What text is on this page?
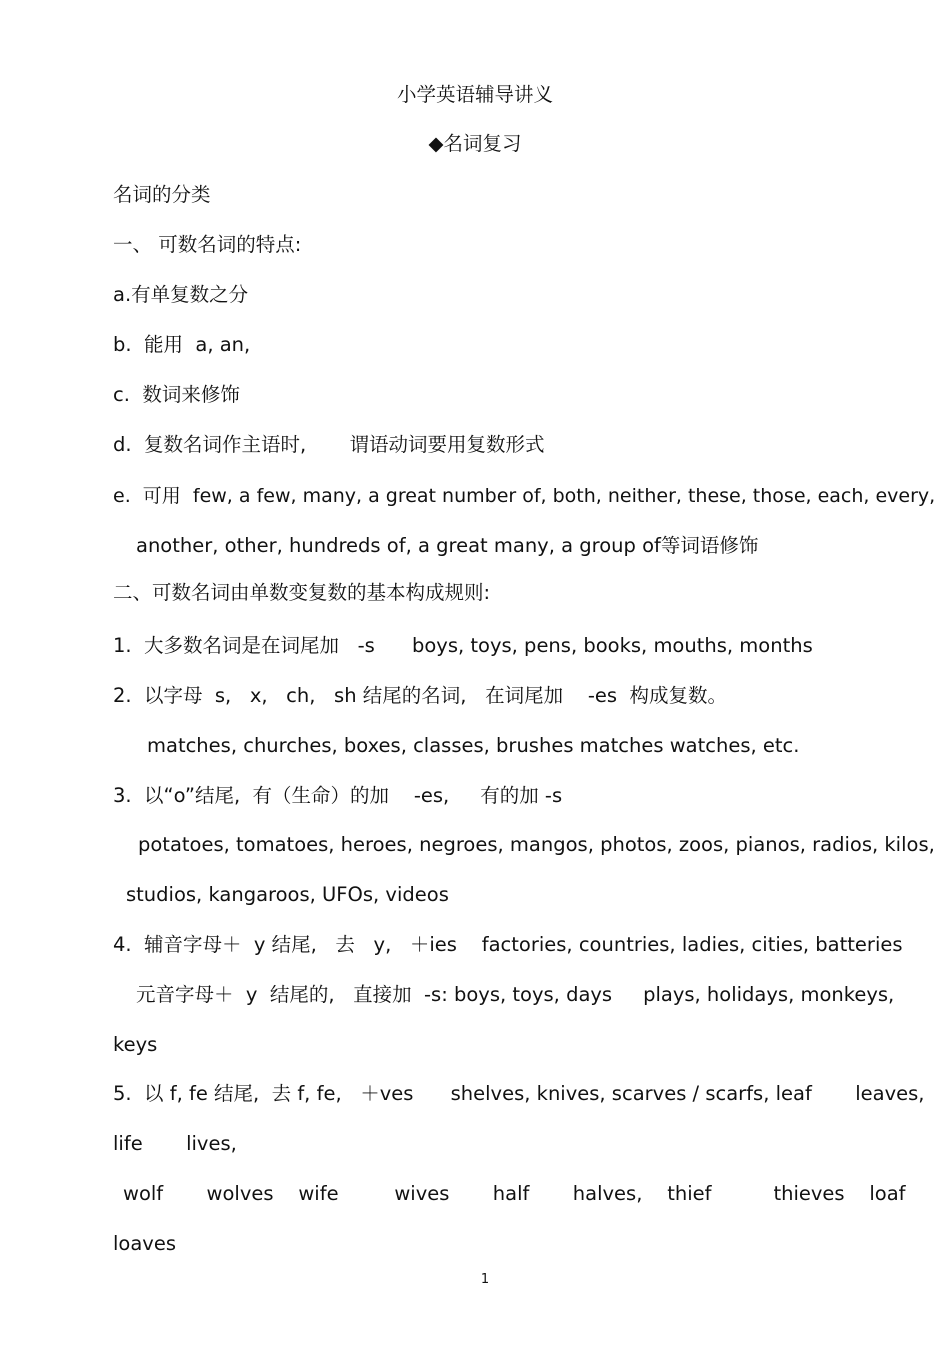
小学英语辅导讲义
◆名词复习
名词的分类
一、 可数名词的特点:
a.有单复数之分
b.  能用  a, an,
c.  数词来修饰
d.  复数名词作主语时,       谓语动词要用复数形式
e.  可用  few, a few, many, a great number of, both, neither, these, those, each, every,
another, other, hundreds of, a great many, a group of等词语修饰
二、可数名词由单数变复数的基本构成规则:
1.  大多数名词是在词尾加   -s      boys, toys, pens, books, mouths, months
2.  以字母  s,   x,   ch,   sh 结尾的名词,   在词尾加    -es  构成复数。
matches, churches, boxes, classes, brushes matches watches, etc.
3.  以“o”结尾,  有（生命）的加    -es,     有的加 -s
potatoes, tomatoes, heroes, negroes, mangos, photos, zoos, pianos, radios, kilos,
studios, kangaroos, UFOs, videos
4.  辅音字母＋  y 结尾,   去   y,   ＋ies    factories, countries, ladies, cities, batteries
元音字母＋  y  结尾的,   直接加  -s: boys, toys, days     plays, holidays, monkeys,
keys
5.  以 f, fe 结尾,  去 f, fe,   ＋ves      shelves, knives, scarves / scarfs, leaf       leaves,
life       lives,
wolf       wolves    wife         wives       half       halves,    thief          thieves    loaf
loaves
1
